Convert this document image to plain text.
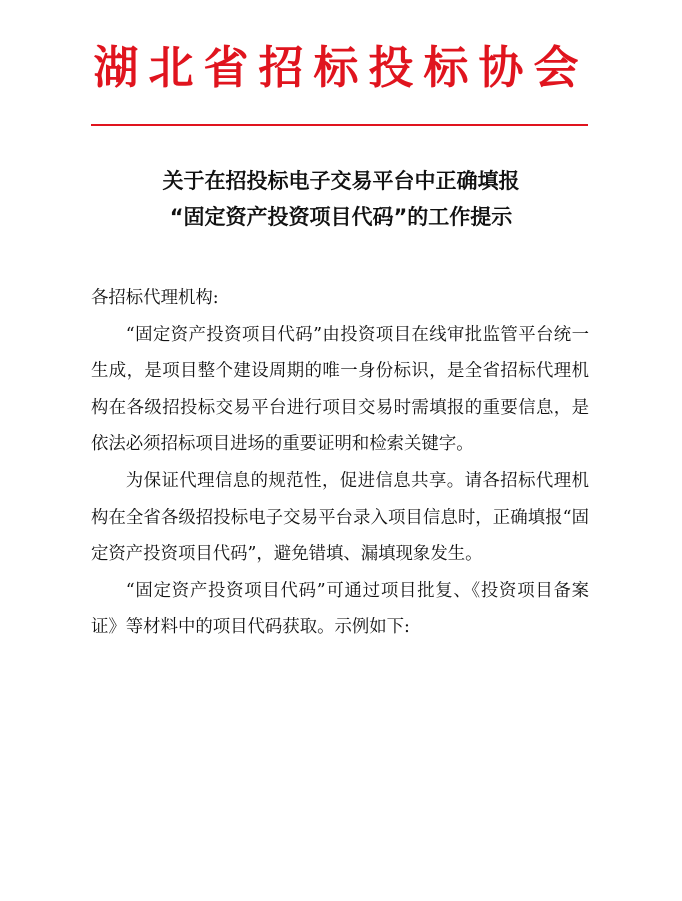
湖北省招标投标协会
关于在招投标电子交易平台中正确填报
“固定资产投资项目代码”的工作提示

各招标代理机构:

“固定资产投资项目代码”由投资项目在线审批监管平台统一生成，是项目整个建设周期的唯一身份标识，是全省招标代理机构在各级招投标交易平台进行项目交易时需填报的重要信息，是依法必须招标项目进场的重要证明和检索关键字。

为保证代理信息的规范性，促进信息共享。请各招标代理机构在全省各级招投标电子交易平台录入项目信息时，正确填报“固定资产投资项目代码”，避免错填、漏填现象发生。

“固定资产投资项目代码”可通过项目批复、《投资项目备案证》等材料中的项目代码获取。示例如下:
